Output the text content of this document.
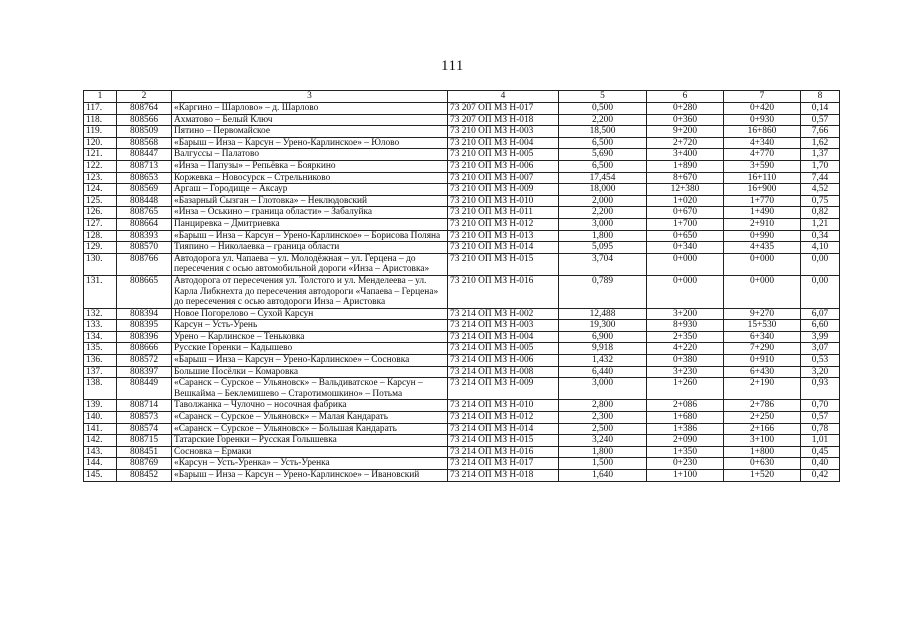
111
1	2	3	4	5	6	7	8
117.	808764	«Каргино – Шарлово» – д. Шарлово	73 207 ОП МЗ Н-017	0,500	0+280	0+420	0,14
118.	808566	Ахматово – Белый Ключ	73 207 ОП МЗ Н-018	2,200	0+360	0+930	0,57
119.	808509	Пятино – Первомайское	73 210 ОП МЗ Н-003	18,500	9+200	16+860	7,66
120.	808568	«Барыш – Инза – Карсун – Урено-Карлинское» – Юлово	73 210 ОП МЗ Н-004	6,500	2+720	4+340	1,62
121.	808447	Валгуссы – Палатово	73 210 ОП МЗ Н-005	5,690	3+400	4+770	1,37
122.	808713	«Инза – Папузы» – Репьёвка – Бояркино	73 210 ОП МЗ Н-006	6,500	1+890	3+590	1,70
123.	808653	Коржевка – Новосурск – Стрельниково	73 210 ОП МЗ Н-007	17,454	8+670	16+110	7,44
124.	808569	Аргаш – Городище – Аксаур	73 210 ОП МЗ Н-009	18,000	12+380	16+900	4,52
125.	808448	«Базарный Сызган – Глотовка» – Неклюдовский	73 210 ОП МЗ Н-010	2,000	1+020	1+770	0,75
126.	808765	«Инза – Оськино – граница области» – Забалуйка	73 210 ОП МЗ Н-011	2,200	0+670	1+490	0,82
127.	808664	Панциревка – Дмитриевка	73 210 ОП МЗ Н-012	3,000	1+700	2+910	1,21
128.	808393	«Барыш – Инза – Карсун – Урено-Карлинское» – Борисова Поляна	73 210 ОП МЗ Н-013	1,800	0+650	0+990	0,34
129.	808570	Тияпино – Николаевка – граница области	73 210 ОП МЗ Н-014	5,095	0+340	4+435	4,10
130.	808766	Автодорога ул. Чапаева – ул. Молодёжная – ул. Герцена – до пересечения с осью автомобильной дороги «Инза – Аристовка»	73 210 ОП МЗ Н-015	3,704	0+000	0+000	0,00
131.	808665	Автодорога от пересечения ул. Толстого и ул. Менделеева – ул. Карла Либкнехта до пересечения автодороги «Чапаева – Герцена» до пересечения с осью автодороги Инза – Аристовка	73 210 ОП МЗ Н-016	0,789	0+000	0+000	0,00
132.	808394	Новое Погорелово – Сухой Карсун	73 214 ОП МЗ Н-002	12,488	3+200	9+270	6,07
133.	808395	Карсун – Усть-Урень	73 214 ОП МЗ Н-003	19,300	8+930	15+530	6,60
134.	808396	Урено – Карлинское – Теньковка	73 214 ОП МЗ Н-004	6,900	2+350	6+340	3,99
135.	808666	Русские Горенки – Кадышево	73 214 ОП МЗ Н-005	9,918	4+220	7+290	3,07
136.	808572	«Барыш – Инза – Карсун – Урено-Карлинское» – Сосновка	73 214 ОП МЗ Н-006	1,432	0+380	0+910	0,53
137.	808397	Большие Посёлки – Комаровка	73 214 ОП МЗ Н-008	6,440	3+230	6+430	3,20
138.	808449	«Саранск – Сурское – Ульяновск» – Вальдиватское – Карсун – Вешкайма – Беклемишево – Старотимошкино» – Потьма	73 214 ОП МЗ Н-009	3,000	1+260	2+190	0,93
139.	808714	Таволжанка – Чулочно – носочная фабрика	73 214 ОП МЗ Н-010	2,800	2+086	2+786	0,70
140.	808573	«Саранск – Сурское – Ульяновск» – Малая Кандарать	73 214 ОП МЗ Н-012	2,300	1+680	2+250	0,57
141.	808574	«Саранск – Сурское – Ульяновск» – Большая Кандарать	73 214 ОП МЗ Н-014	2,500	1+386	2+166	0,78
142.	808715	Татарские Горенки – Русская Голышевка	73 214 ОП МЗ Н-015	3,240	2+090	3+100	1,01
143.	808451	Сосновка – Ермаки	73 214 ОП МЗ Н-016	1,800	1+350	1+800	0,45
144.	808769	«Карсун – Усть-Уренка» – Усть-Уренка	73 214 ОП МЗ Н-017	1,500	0+230	0+630	0,40
145.	808452	«Барыш – Инза – Карсун – Урено-Карлинское» – Ивановский	73 214 ОП МЗ Н-018	1,640	1+100	1+520	0,42
